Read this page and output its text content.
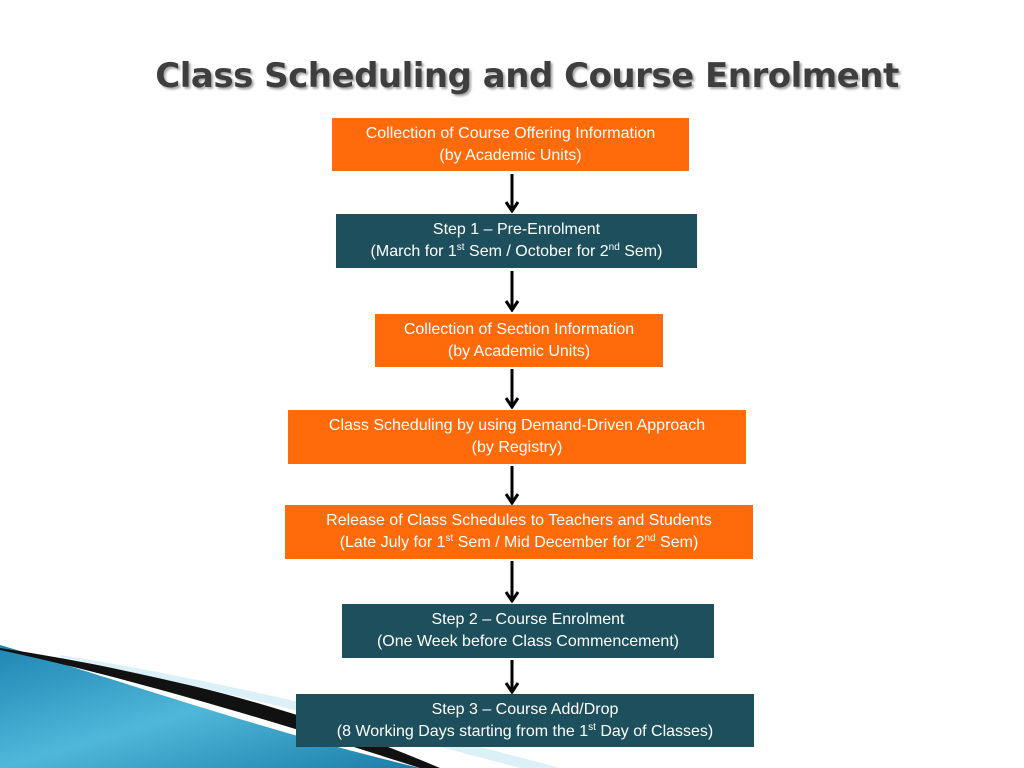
Class Scheduling and Course Enrolment
Collection of Course Offering Information
(by Academic Units)
Step 1 – Pre-Enrolment
(March for 1st Sem / October for 2nd Sem)
Collection of Section Information
(by Academic Units)
Class Scheduling by using Demand-Driven Approach
(by Registry)
Release of Class Schedules to Teachers and Students
(Late July for 1st Sem / Mid December for 2nd Sem)
Step 2 – Course Enrolment
(One Week before Class Commencement)
Step 3 – Course Add/Drop
(8 Working Days starting from the 1st Day of Classes)
